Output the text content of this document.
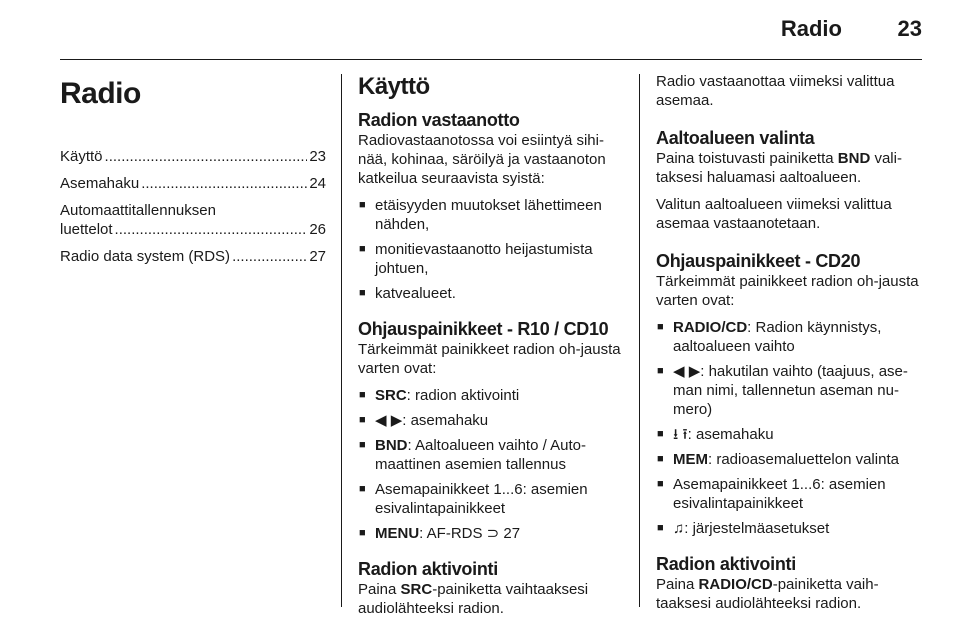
Radio	23
Radio
Käyttö .....	23
Asemahaku .....	24
Automaattitallennuksen
luettelot .....	26
Radio data system (RDS) .....	27
Käyttö
Radion vastaanotto

Radiovastaanotossa voi esiintyä sihi-nää, kohinaa, säröilyä ja vastaanoton katkeilua seuraavista syistä:

■ etäisyyden muutokset lähettimeen nähden,
■ monitievastaanotto heijastumista johtuen,
■ katvealueet.
Ohjauspainikkeet - R10 / CD10

Tärkeimmät painikkeet radion oh-jausta varten ovat:

■ SRC: radion aktivointi
■ ◀ ▶: asemahaku
■ BND: Aaltoalueen vaihto / Auto-maattinen asemien tallennus
■ Asemapainikkeet 1...6: asemien esivalintapainikkeet
■ MENU: AF-RDS ⊃ 27
Radion aktivointi

Paina SRC-painiketta vaihtaaksesi audiolähteeksi radion.

Radio vastaanottaa viimeksi valittua asemaa.

Aaltoalueen valinta

Paina toistuvasti painiketta BND vali-taksesi haluamasi aaltoalueen.

Valitun aaltoalueen viimeksi valittua asemaa vastaanotetaan.

Ohjauspainikkeet - CD20

Tärkeimmät painikkeet radion oh-jausta varten ovat:

■ RADIO/CD: Radion käynnistys, aaltoalueen vaihto
■ ◀ ▶: hakutilan vaihto (taajuus, ase-man nimi, tallennetun aseman nu-mero)
■ ⭳ ⭱: asemahaku
■ MEM: radioasemaluettelon valinta
■ Asemapainikkeet 1...6: asemien esivalintapainikkeet
■ ♫: järjestelmäasetukset
Radion aktivointi

Paina RADIO/CD-painiketta vaih-taaksesi audiolähteeksi radion.
